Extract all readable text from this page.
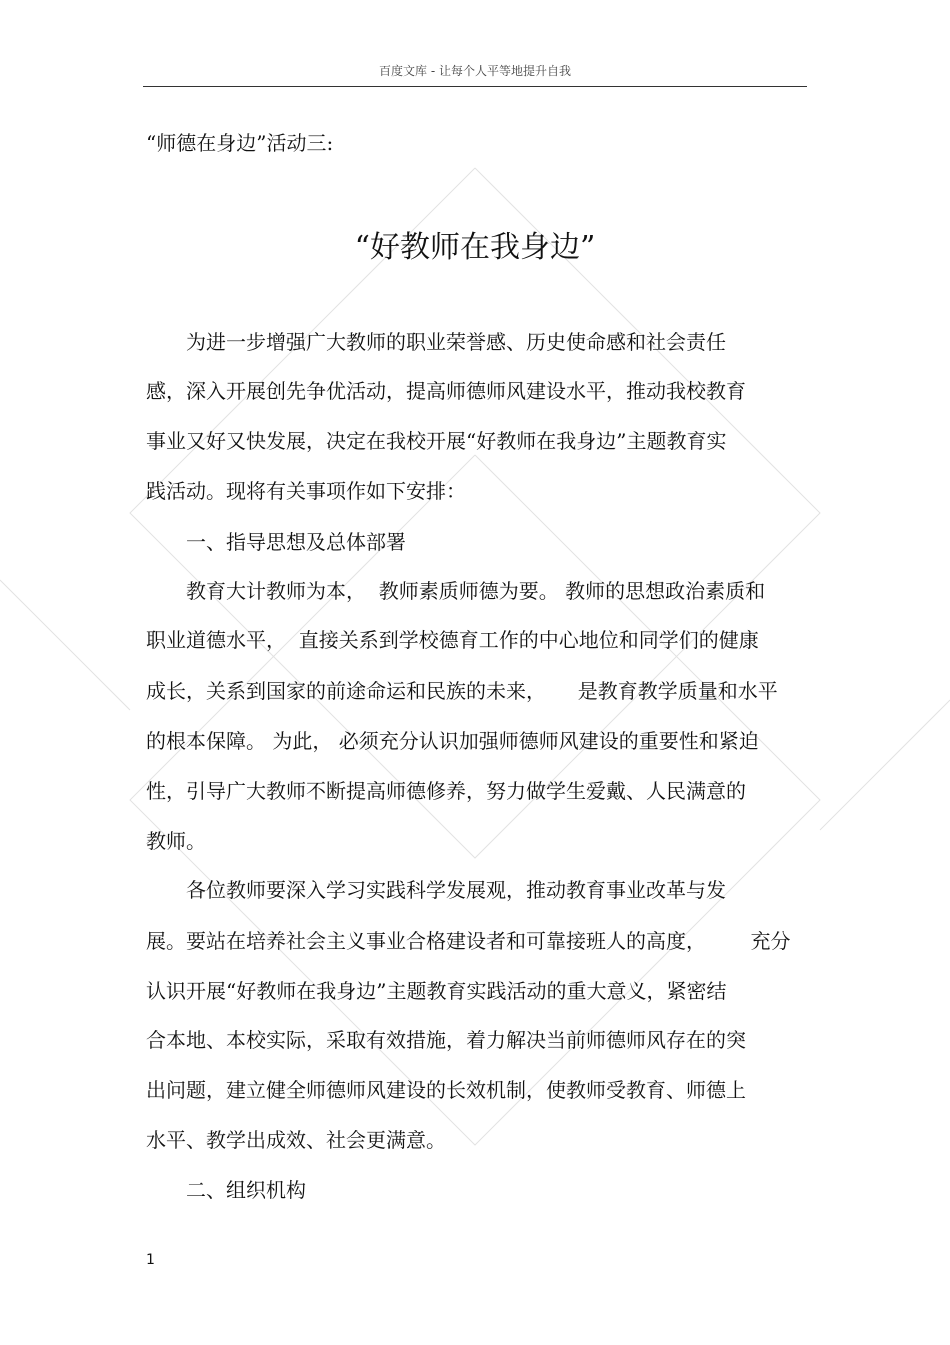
百度文库 - 让每个人平等地提升自我
“师德在身边”活动三:
“好教师在我身边”
为进一步增强广大教师的职业荣誉感、历史使命感和社会责任
感，深入开展创先争优活动，提高师德师风建设水平，推动我校教育
事业又好又快发展，决定在我校开展“好教师在我身边”主题教育实
践活动。现将有关事项作如下安排：
一、指导思想及总体部署
教育大计教师为本，  教师素质师德为要。 教师的思想政治素质和
职业道德水平，  直接关系到学校德育工作的中心地位和同学们的健康
成长，关系到国家的前途命运和民族的未来，     是教育教学质量和水平
的根本保障。 为此， 必须充分认识加强师德师风建设的重要性和紧迫
性，引导广大教师不断提高师德修养，努力做学生爱戴、人民满意的
教师。
各位教师要深入学习实践科学发展观，推动教育事业改革与发
展。要站在培养社会主义事业合格建设者和可靠接班人的高度，       充分
认识开展“好教师在我身边”主题教育实践活动的重大意义，紧密结
合本地、本校实际，采取有效措施，着力解决当前师德师风存在的突
出问题，建立健全师德师风建设的长效机制，使教师受教育、师德上
水平、教学出成效、社会更满意。
二、组织机构
1
